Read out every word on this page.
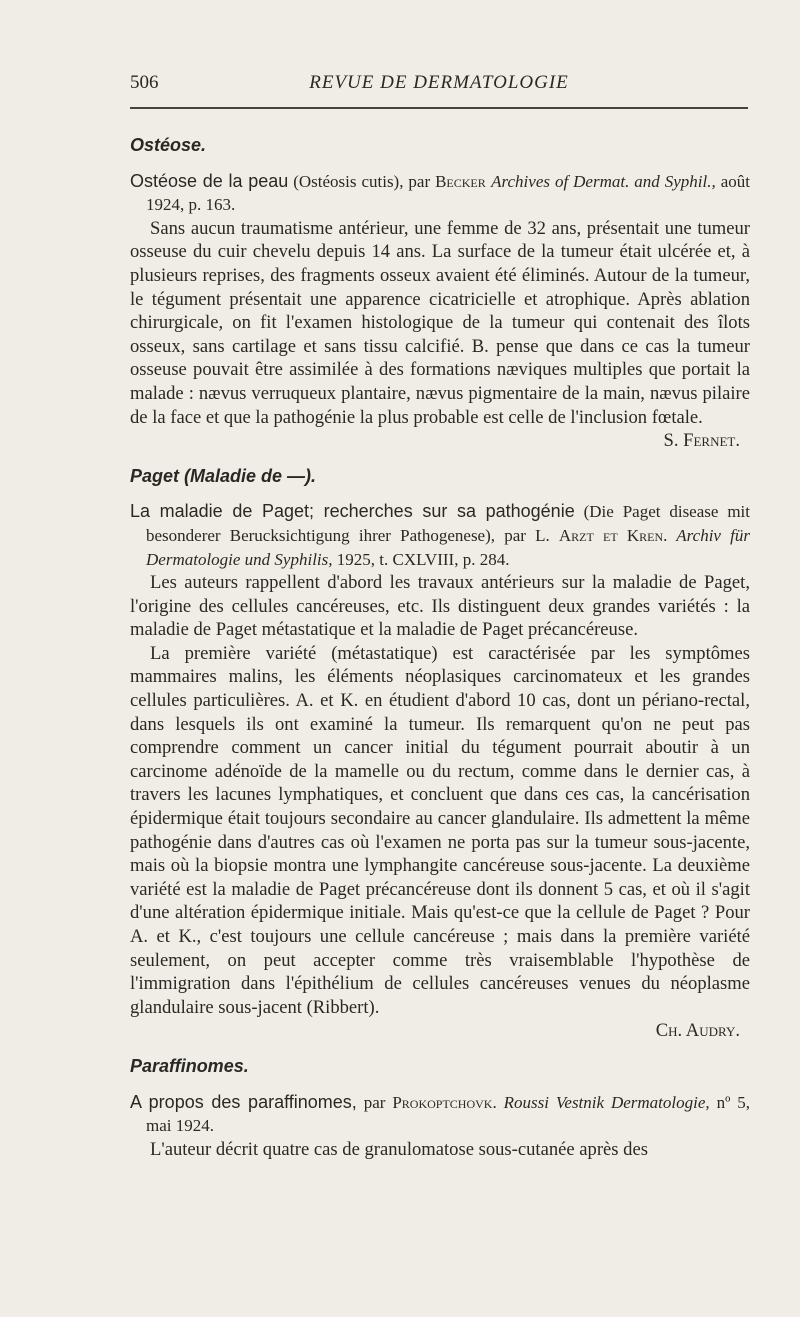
506	REVUE DE DERMATOLOGIE

Ostéose.

Ostéose de la peau (Ostéosis cutis), par Becker Archives of Dermat. and Syphil., août 1924, p. 163.

Sans aucun traumatisme antérieur, une femme de 32 ans, présentait une tumeur osseuse du cuir chevelu depuis 14 ans. La surface de la tumeur était ulcérée et, à plusieurs reprises, des fragments osseux avaient été éliminés. Autour de la tumeur, le tégument présentait une apparence cicatricielle et atrophique. Après ablation chirurgicale, on fit l'examen histologique de la tumeur qui contenait des îlots osseux, sans cartilage et sans tissu calcifié. B. pense que dans ce cas la tumeur osseuse pouvait être assimilée à des formations næviques multiples que portait la malade : nævus verruqueux plantaire, nævus pigmentaire de la main, nævus pilaire de la face et que la pathogénie la plus probable est celle de l'inclusion fœtale.

S. Fernet.

Paget (Maladie de —).

La maladie de Paget; recherches sur sa pathogénie (Die Paget disease mit besonderer Berucksichtigung ihrer Pathogenese), par L. Arzt et Kren. Archiv für Dermatologie und Syphilis, 1925, t. CXLVIII, p. 284.

Les auteurs rappellent d'abord les travaux antérieurs sur la maladie de Paget, l'origine des cellules cancéreuses, etc. Ils distinguent deux grandes variétés : la maladie de Paget métastatique et la maladie de Paget précancéreuse.

La première variété (métastatique) est caractérisée par les symptômes mammaires malins, les éléments néoplasiques carcinomateux et les grandes cellules particulières. A. et K. en étudient d'abord 10 cas, dont un périano-rectal, dans lesquels ils ont examiné la tumeur. Ils remarquent qu'on ne peut pas comprendre comment un cancer initial du tégument pourrait aboutir à un carcinome adénoïde de la mamelle ou du rectum, comme dans le dernier cas, à travers les lacunes lymphatiques, et concluent que dans ces cas, la cancérisation épidermique était toujours secondaire au cancer glandulaire. Ils admettent la même pathogénie dans d'autres cas où l'examen ne porta pas sur la tumeur sous-jacente, mais où la biopsie montra une lymphangite cancéreuse sous-jacente. La deuxième variété est la maladie de Paget précancéreuse dont ils donnent 5 cas, et où il s'agit d'une altération épidermique initiale. Mais qu'est-ce que la cellule de Paget ? Pour A. et K., c'est toujours une cellule cancéreuse ; mais dans la première variété seulement, on peut accepter comme très vraisemblable l'hypothèse de l'immigration dans l'épithélium de cellules cancéreuses venues du néoplasme glandulaire sous-jacent (Ribbert).

Ch. Audry.

Paraffinomes.

A propos des paraffinomes, par Prokoptchovk. Roussi Vestnik Dermatologie, nº 5, mai 1924.

L'auteur décrit quatre cas de granulomatose sous-cutanée après des
